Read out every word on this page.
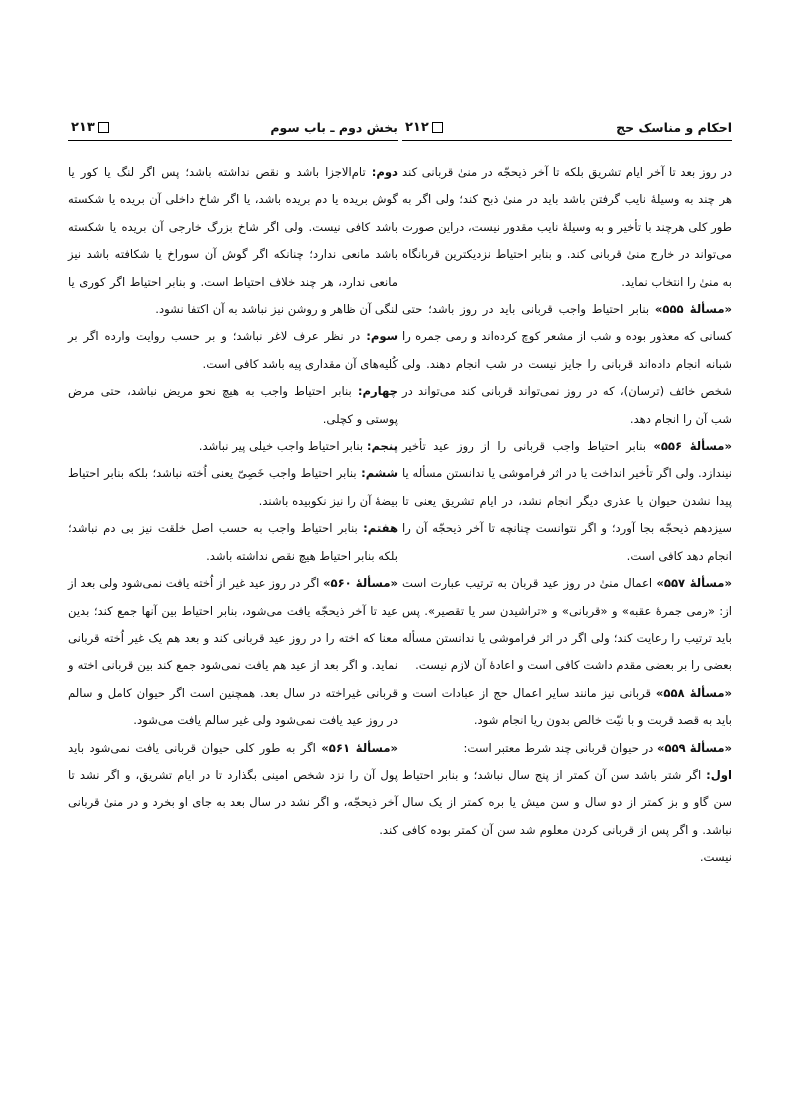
بخش دوم ـ باب سوم
۲۱۳

دوم: تام‌الاجزا باشد و نقص نداشته باشد؛ پس اگر لنگ یا کور یا گوش بریده یا دم بریده باشد، یا اگر شاخ داخلی آن بریده یا شکسته باشد کافی نیست. ولی اگر شاخ بزرگ خارجی آن بریده یا شکسته باشد مانعی ندارد؛ چنانکه اگر گوش آن سوراخ یا شکافته باشد نیز مانعی ندارد، هر چند خلاف احتیاط است. و بنابر احتیاط اگر کوری یا لنگی آن ظاهر و روشن نیز نباشد به آن اکتفا نشود.

سوم: در نظر عرف لاغر نباشد؛ و بر حسب روایت وارده اگر بر کُلیه‌های آن مقداری پیه باشد کافی است.

چهارم: بنابر احتیاط واجب به هیچ نحو مریض نباشد، حتی مرض پوستی و کچلی.

پنجم: بنابر احتیاط واجب خیلی پیر نباشد.

ششم: بنابر احتیاط واجب خَصِیّ یعنی اُخته نباشد؛ بلکه بنابر احتیاط بیضهٔ آن را نیز نکوبیده باشند.

هفتم: بنابر احتیاط واجب به حسب اصل خلقت نیز بی دم نباشد؛ بلکه بنابر احتیاط هیچ نقص نداشته باشد.

«مسألهٔ ۵۶۰» اگر در روز عید غیر از اُخته یافت نمی‌شود ولی بعد از عید تا آخر ذیحجّه یافت می‌شود، بنابر احتیاط بین آنها جمع کند؛ بدین معنا که اخته را در روز عید قربانی کند و بعد هم یک غیر اُخته قربانی نماید. و اگر بعد از عید هم یافت نمی‌شود جمع کند بین قربانی اخته و قربانی غیراخته در سال بعد. همچنین است اگر حیوان کامل و سالم در روز عید یافت نمی‌شود ولی غیر سالم یافت می‌شود.

«مسألهٔ ۵۶۱» اگر به طور کلی حیوان قربانی یافت نمی‌شود باید پول آن را نزد شخص امینی بگذارد تا در ایام تشریق، و اگر نشد تا آخر ذیحجّه، و اگر نشد در سال بعد به جای او بخرد و در منیٰ قربانی کند.

احکام و مناسک حج
۲۱۲

در روز بعد تا آخر ایام تشریق بلکه تا آخر ذیحجّه در منیٰ قربانی کند هر چند به وسیلهٔ نایب گرفتن باشد باید در منیٰ ذبح کند؛ ولی اگر به طور کلی هرچند با تأخیر و به وسیلهٔ نایب مقدور نیست، دراین صورت می‌تواند در خارج منیٰ قربانی کند. و بنابر احتیاط نزدیکترین قربانگاه به منیٰ را انتخاب نماید.

«مسألهٔ ۵۵۵» بنابر احتیاط واجب قربانی باید در روز باشد؛ حتی کسانی که معذور بوده و شب از مشعر کوچ کرده‌اند و رمی جمره را شبانه انجام داده‌اند قربانی را جایز نیست در شب انجام دهند. ولی شخص خائف (ترسان)، که در روز نمی‌تواند قربانی کند می‌تواند در شب آن را انجام دهد.

«مسألهٔ ۵۵۶» بنابر احتیاط واجب قربانی را از روز عید تأخیر نیندازد. ولی اگر تأخیر انداخت یا در اثر فراموشی یا ندانستن مسأله یا پیدا نشدن حیوان یا عذری دیگر انجام نشد، در ایام تشریق یعنی تا سیزدهم ذیحجّه بجا آورد؛ و اگر نتوانست چنانچه تا آخر ذیحجّه آن را انجام دهد کافی است.

«مسألهٔ ۵۵۷» اعمال منیٰ در روز عید قربان به ترتیب عبارت است از: «رمی جمرهٔ عقبه» و «قربانی» و «تراشیدن سر یا تقصیر». پس باید ترتیب را رعایت کند؛ ولی اگر در اثر فراموشی یا ندانستن مسأله بعضی را بر بعضی مقدم داشت کافی است و اعادهٔ آن لازم نیست.

«مسألهٔ ۵۵۸» قربانی نیز مانند سایر اعمال حج از عبادات است و باید به قصد قربت و با نیّت خالص بدون ریا انجام شود.

«مسألهٔ ۵۵۹» در حیوان قربانی چند شرط معتبر است:

اول: اگر شتر باشد سن آن کمتر از پنج سال نباشد؛ و بنابر احتیاط سن گاو و بز کمتر از دو سال و سن میش یا بره کمتر از یک سال نباشد. و اگر پس از قربانی کردن معلوم شد سن آن کمتر بوده کافی نیست.
